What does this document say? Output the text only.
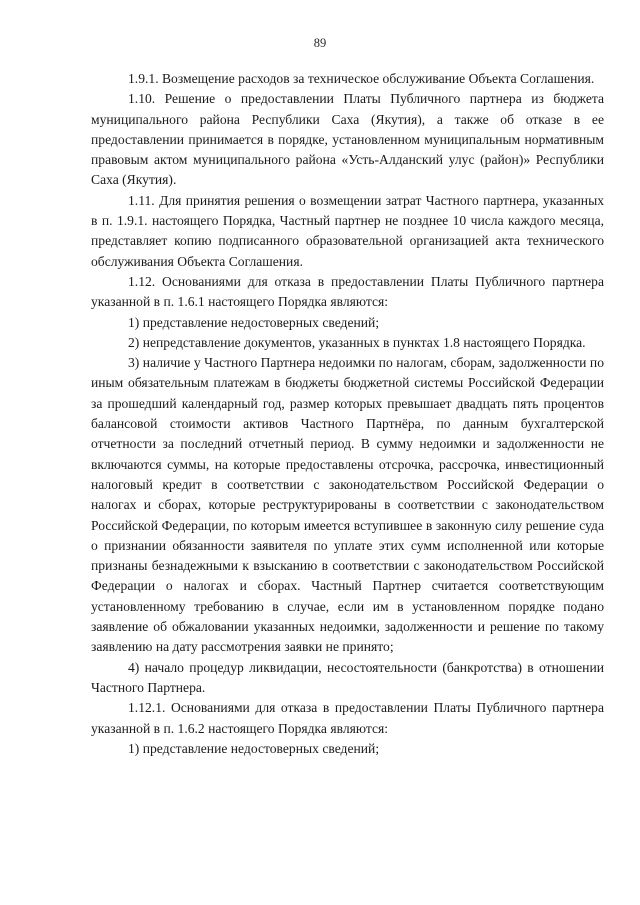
89

1.9.1. Возмещение расходов за техническое обслуживание Объекта Соглашения.

1.10. Решение о предоставлении Платы Публичного партнера из бюджета муниципального района Республики Саха (Якутия), а также об отказе в ее предоставлении принимается в порядке, установленном муниципальным нормативным правовым актом муниципального района «Усть-Алданский улус (район)» Республики Саха (Якутия).

1.11. Для принятия решения о возмещении затрат Частного партнера, указанных в п. 1.9.1. настоящего Порядка, Частный партнер не позднее 10 числа каждого месяца, представляет копию подписанного образовательной организацией акта технического обслуживания Объекта Соглашения.

1.12. Основаниями для отказа в предоставлении Платы Публичного партнера указанной в п. 1.6.1 настоящего Порядка являются:

1) представление недостоверных сведений;

2) непредставление документов, указанных в пунктах 1.8 настоящего Порядка.

3) наличие у Частного Партнера недоимки по налогам, сборам, задолженности по иным обязательным платежам в бюджеты бюджетной системы Российской Федерации за прошедший календарный год, размер которых превышает двадцать пять процентов балансовой стоимости активов Частного Партнёра, по данным бухгалтерской отчетности за последний отчетный период. В сумму недоимки и задолженности не включаются суммы, на которые предоставлены отсрочка, рассрочка, инвестиционный налоговый кредит в соответствии с законодательством Российской Федерации о налогах и сборах, которые реструктурированы в соответствии с законодательством Российской Федерации, по которым имеется вступившее в законную силу решение суда о признании обязанности заявителя по уплате этих сумм исполненной или которые признаны безнадежными к взысканию в соответствии с законодательством Российской Федерации о налогах и сборах. Частный Партнер считается соответствующим установленному требованию в случае, если им в установленном порядке подано заявление об обжаловании указанных недоимки, задолженности и решение по такому заявлению на дату рассмотрения заявки не принято;

4) начало процедур ликвидации, несостоятельности (банкротства) в отношении Частного Партнера.

1.12.1. Основаниями для отказа в предоставлении Платы Публичного партнера указанной в п. 1.6.2 настоящего Порядка являются:

1) представление недостоверных сведений;
